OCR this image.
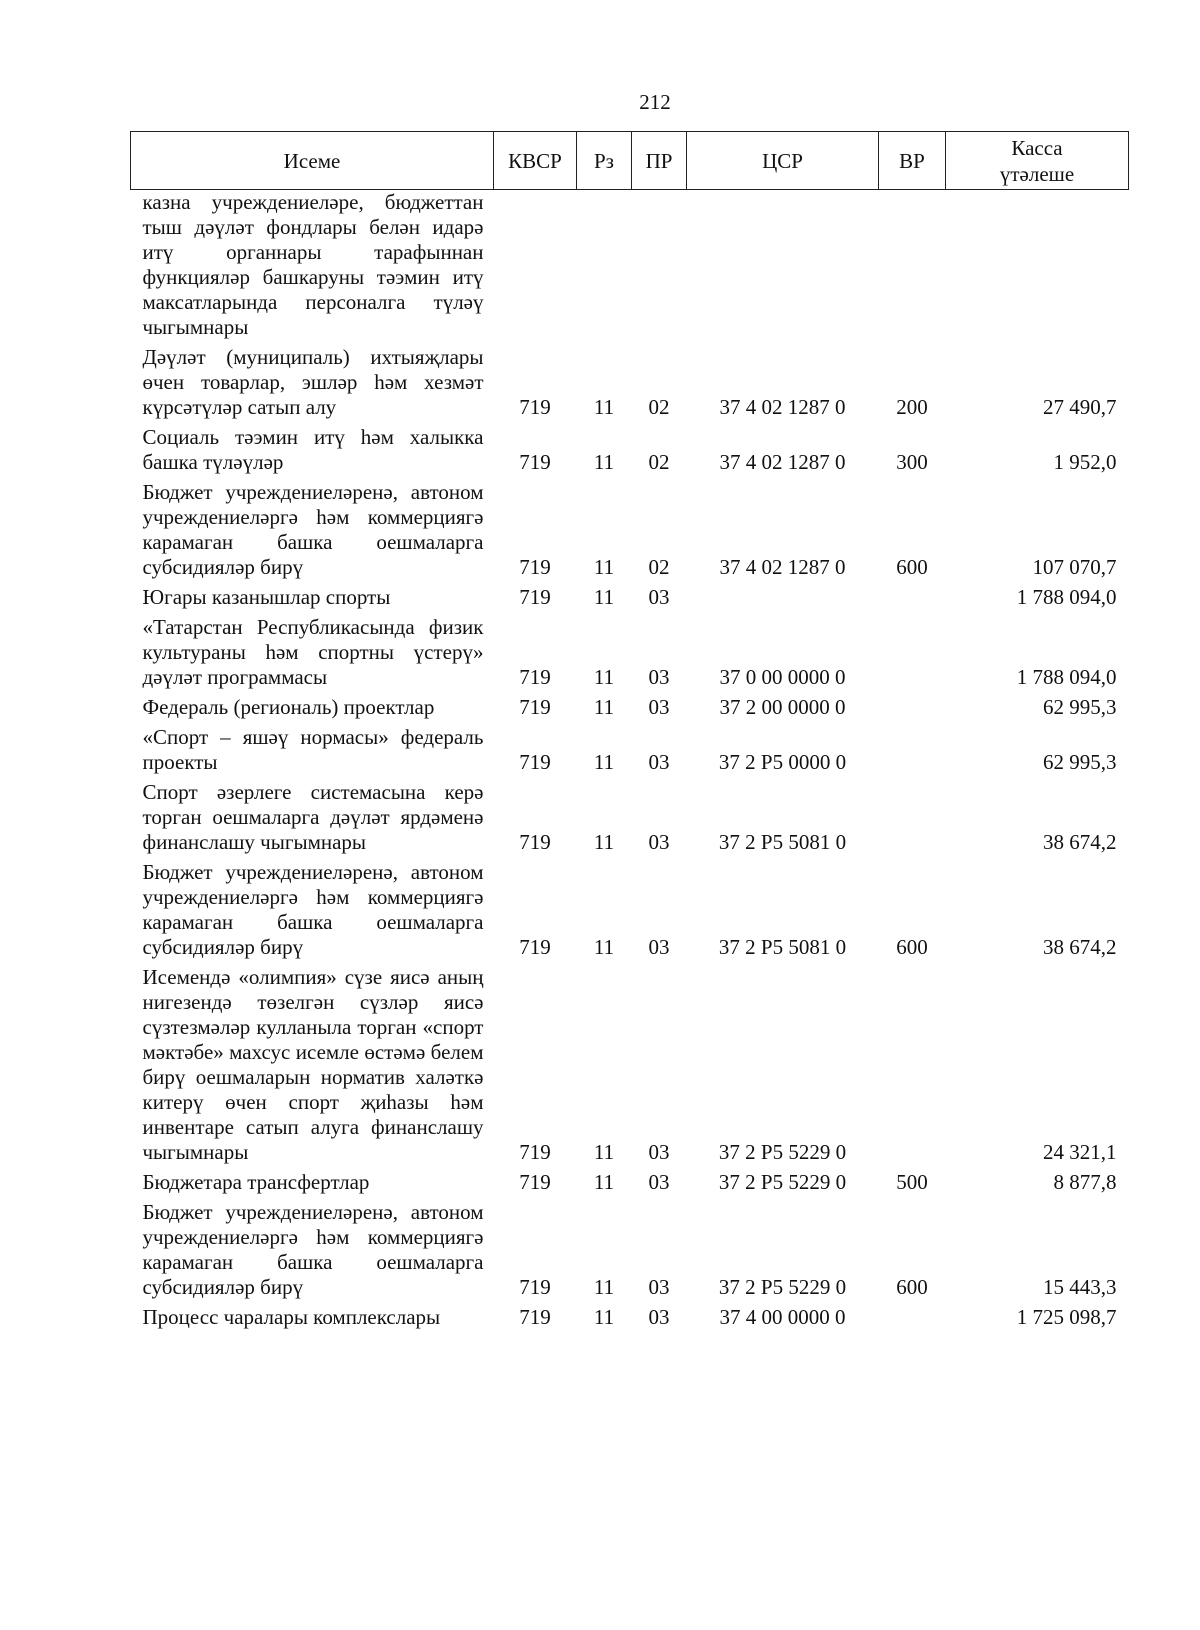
212
Исеме	КВСР	Рз	ПР	ЦСР	ВР	Касса
үтәлеше
казна учреждениеләре, бюджеттан тыш дәүләт фондлары белән идарә итү органнары тарафыннан функцияләр башкаруны тәэмин итү максатларында персоналга түләү чыгымнары						
Дәүләт (муниципаль) ихтыяҗлары өчен товарлар, эшләр һәм хезмәт күрсәтүләр сатып алу	719	11	02	37 4 02 1287 0	200	27 490,7
Социаль тәэмин итү һәм халыкка башка түләүләр	719	11	02	37 4 02 1287 0	300	1 952,0
Бюджет учреждениеләренә, автоном учреждениеләргә һәм коммерциягә карамаган башка оешмаларга субсидияләр бирү	719	11	02	37 4 02 1287 0	600	107 070,7
Югары казанышлар спорты	719	11	03			1 788 094,0
«Татарстан Республикасында физик культураны һәм спортны үстерү» дәүләт программасы	719	11	03	37 0 00 0000 0		1 788 094,0
Федераль (региональ) проектлар	719	11	03	37 2 00 0000 0		62 995,3
«Спорт – яшәү нормасы» федераль проекты	719	11	03	37 2 P5 0000 0		62 995,3
Спорт әзерлеге системасына керә торган оешмаларга дәүләт ярдәменә финанслашу чыгымнары	719	11	03	37 2 P5 5081 0		38 674,2
Бюджет учреждениеләренә, автоном учреждениеләргә һәм коммерциягә карамаган башка оешмаларга субсидияләр бирү	719	11	03	37 2 P5 5081 0	600	38 674,2
Исемендә «олимпия» сүзе яисә аның нигезендә төзелгән сүзләр яисә сүзтезмәләр кулланыла торган «спорт мәктәбе» махсус исемле өстәмә белем бирү оешмаларын норматив халәткә китерү өчен спорт җиһазы һәм инвентаре сатып алуга финанслашу чыгымнары	719	11	03	37 2 P5 5229 0		24 321,1
Бюджетара трансфертлар	719	11	03	37 2 P5 5229 0	500	8 877,8
Бюджет учреждениеләренә, автоном учреждениеләргә һәм коммерциягә карамаган башка оешмаларга субсидияләр бирү	719	11	03	37 2 P5 5229 0	600	15 443,3
Процесс чаралары комплекслары	719	11	03	37 4 00 0000 0		1 725 098,7
